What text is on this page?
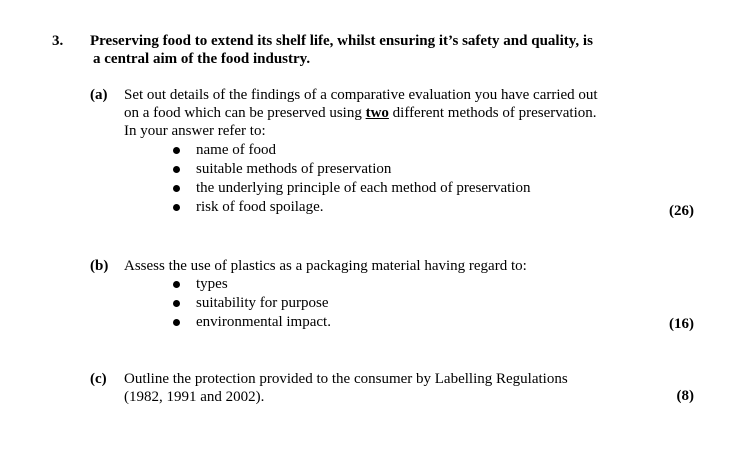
3. Preserving food to extend its shelf life, whilst ensuring it’s safety and quality, is
a central aim of the food industry.
(a) Set out details of the findings of a comparative evaluation you have carried out
on a food which can be preserved using two different methods of preservation.
In your answer refer to:
name of food
suitable methods of preservation
the underlying principle of each method of preservation
risk of food spoilage.	(26)
(b) Assess the use of plastics as a packaging material having regard to:
types
suitability for purpose
environmental impact.	(16)
(c) Outline the protection provided to the consumer by Labelling Regulations
(1982, 1991 and 2002).	(8)
